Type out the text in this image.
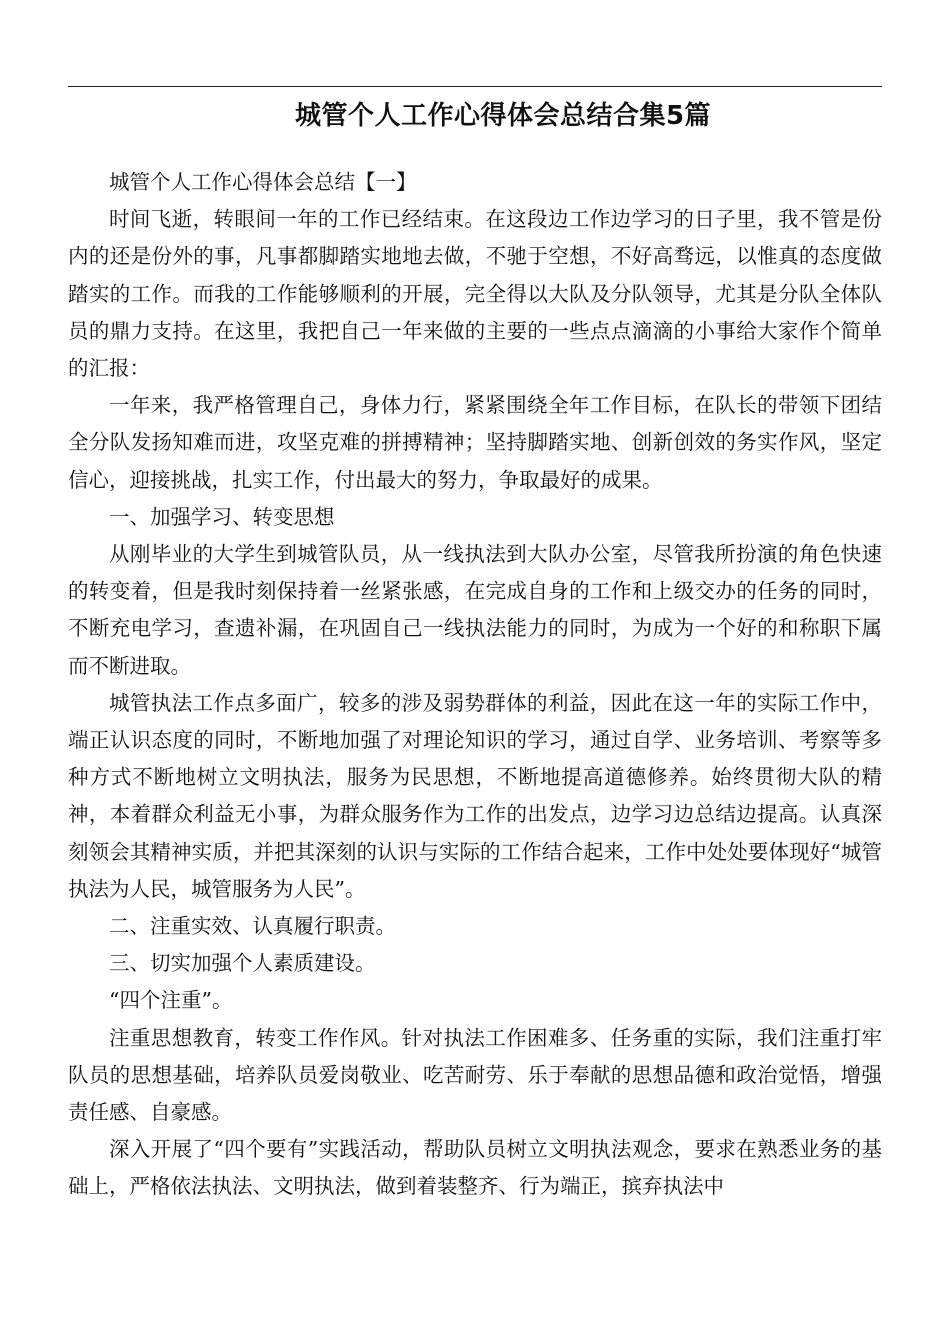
城管个人工作心得体会总结合集5篇

城管个人工作心得体会总结【一】

时间飞逝，转眼间一年的工作已经结束。在这段边工作边学习的日子里，我不管是份内的还是份外的事，凡事都脚踏实地地去做，不驰于空想，不好高骛远，以惟真的态度做踏实的工作。而我的工作能够顺利的开展，完全得以大队及分队领导，尤其是分队全体队员的鼎力支持。在这里，我把自己一年来做的主要的一些点点滴滴的小事给大家作个简单的汇报：

一年来，我严格管理自己，身体力行，紧紧围绕全年工作目标，在队长的带领下团结全分队发扬知难而进，攻坚克难的拼搏精神；坚持脚踏实地、创新创效的务实作风，坚定信心，迎接挑战，扎实工作，付出最大的努力，争取最好的成果。

一、加强学习、转变思想

从刚毕业的大学生到城管队员，从一线执法到大队办公室，尽管我所扮演的角色快速的转变着，但是我时刻保持着一丝紧张感，在完成自身的工作和上级交办的任务的同时，不断充电学习，查遗补漏，在巩固自己一线执法能力的同时，为成为一个好的和称职下属而不断进取。

城管执法工作点多面广，较多的涉及弱势群体的利益，因此在这一年的实际工作中，端正认识态度的同时，不断地加强了对理论知识的学习，通过自学、业务培训、考察等多种方式不断地树立文明执法，服务为民思想，不断地提高道德修养。始终贯彻大队的精神，本着群众利益无小事，为群众服务作为工作的出发点，边学习边总结边提高。认真深刻领会其精神实质，并把其深刻的认识与实际的工作结合起来，工作中处处要体现好“城管执法为人民，城管服务为人民”。

二、注重实效、认真履行职责。

三、切实加强个人素质建设。

“四个注重”。

注重思想教育，转变工作作风。针对执法工作困难多、任务重的实际，我们注重打牢队员的思想基础，培养队员爱岗敬业、吃苦耐劳、乐于奉献的思想品德和政治觉悟，增强责任感、自豪感。

深入开展了“四个要有”实践活动，帮助队员树立文明执法观念，要求在熟悉业务的基础上，严格依法执法、文明执法，做到着装整齐、行为端正，摈弃执法中
